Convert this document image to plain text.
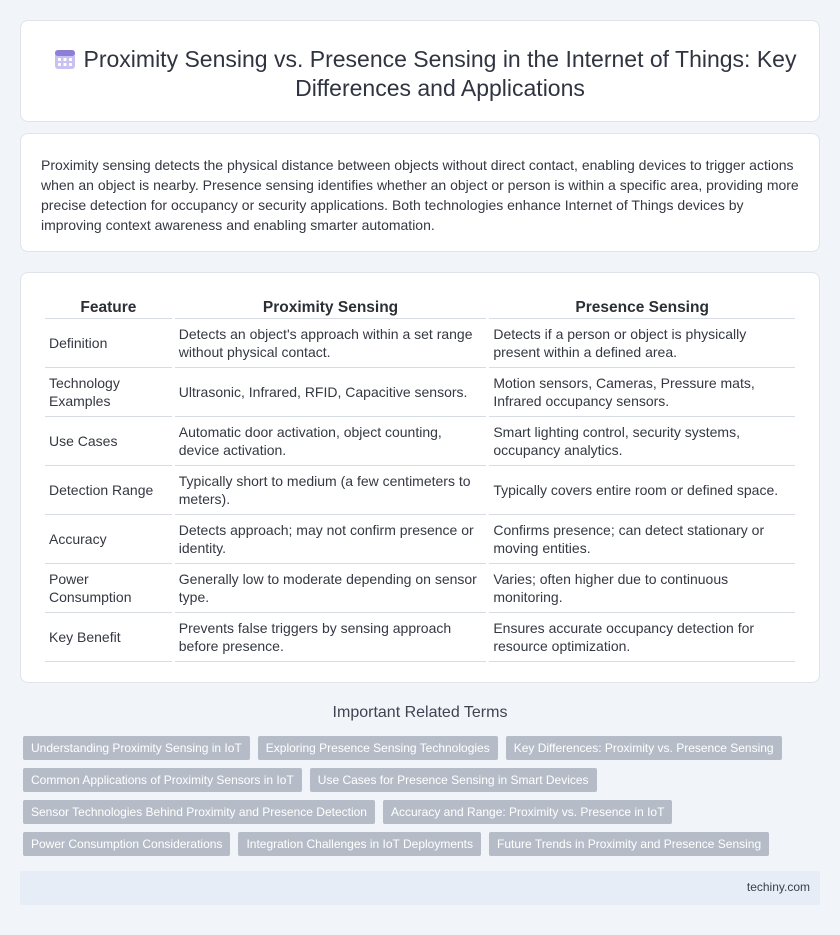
Proximity Sensing vs. Presence Sensing in the Internet of Things: Key Differences and Applications

Proximity sensing detects the physical distance between objects without direct contact, enabling devices to trigger actions when an object is nearby. Presence sensing identifies whether an object or person is within a specific area, providing more precise detection for occupancy or security applications. Both technologies enhance Internet of Things devices by improving context awareness and enabling smarter automation.

Feature	Proximity Sensing	Presence Sensing
Definition	Detects an object's approach within a set range without physical contact.	Detects if a person or object is physically present within a defined area.
Technology Examples	Ultrasonic, Infrared, RFID, Capacitive sensors.	Motion sensors, Cameras, Pressure mats, Infrared occupancy sensors.
Use Cases	Automatic door activation, object counting, device activation.	Smart lighting control, security systems, occupancy analytics.
Detection Range	Typically short to medium (a few centimeters to meters).	Typically covers entire room or defined space.
Accuracy	Detects approach; may not confirm presence or identity.	Confirms presence; can detect stationary or moving entities.
Power Consumption	Generally low to moderate depending on sensor type.	Varies; often higher due to continuous monitoring.
Key Benefit	Prevents false triggers by sensing approach before presence.	Ensures accurate occupancy detection for resource optimization.
Important Related Terms
Understanding Proximity Sensing in IoT	Exploring Presence Sensing Technologies	Key Differences: Proximity vs. Presence Sensing
Common Applications of Proximity Sensors in IoT	Use Cases for Presence Sensing in Smart Devices
Sensor Technologies Behind Proximity and Presence Detection	Accuracy and Range: Proximity vs. Presence in IoT
Power Consumption Considerations	Integration Challenges in IoT Deployments	Future Trends in Proximity and Presence Sensing
techiny.com
